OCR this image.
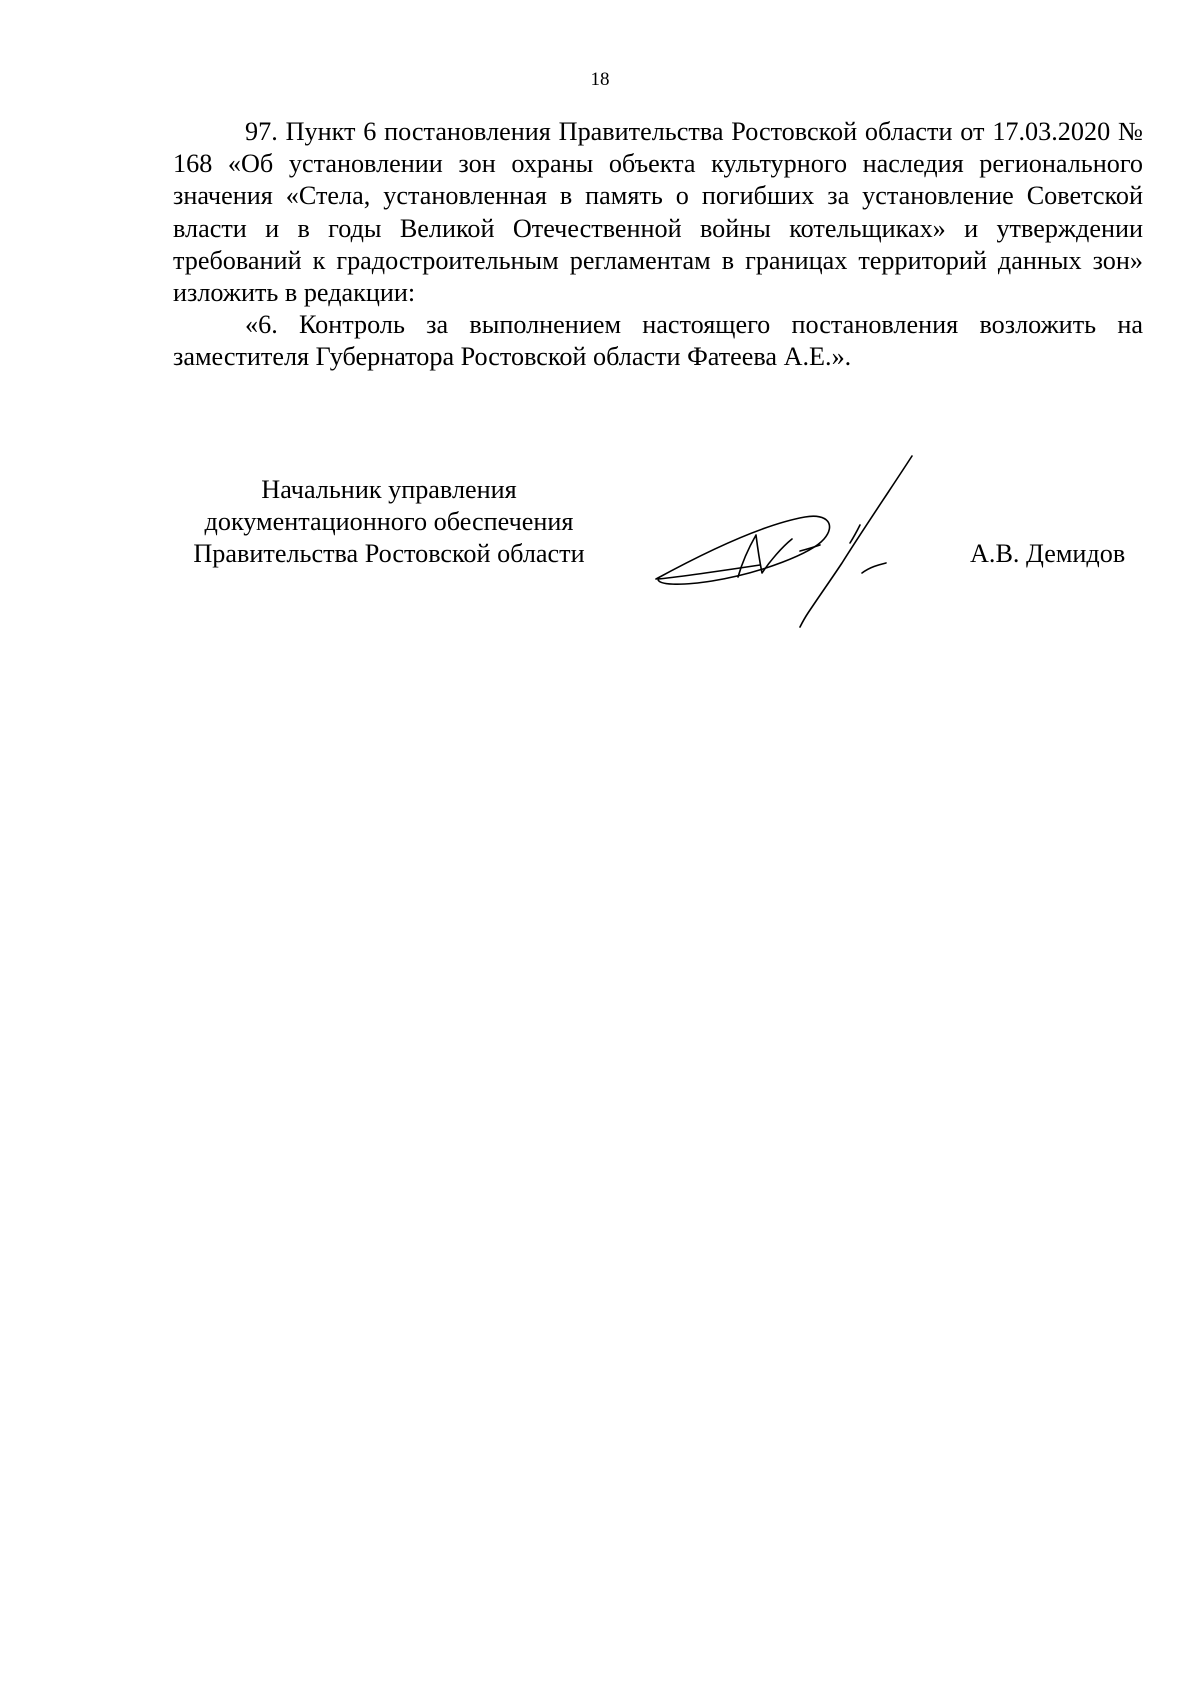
18

97. Пункт 6 постановления Правительства Ростовской области от 17.03.2020 № 168 «Об установлении зон охраны объекта культурного наследия регионального значения «Стела, установленная в память о погибших за установление Советской власти и в годы Великой Отечественной войны котельщиках» и утверждении требований к градостроительным регламентам в границах территорий данных зон» изложить в редакции:

«6. Контроль за выполнением настоящего постановления возложить на заместителя Губернатора Ростовской области Фатеева А.Е.».

Начальник управления
документационного обеспечения
Правительства Ростовской области	А.В. Демидов
